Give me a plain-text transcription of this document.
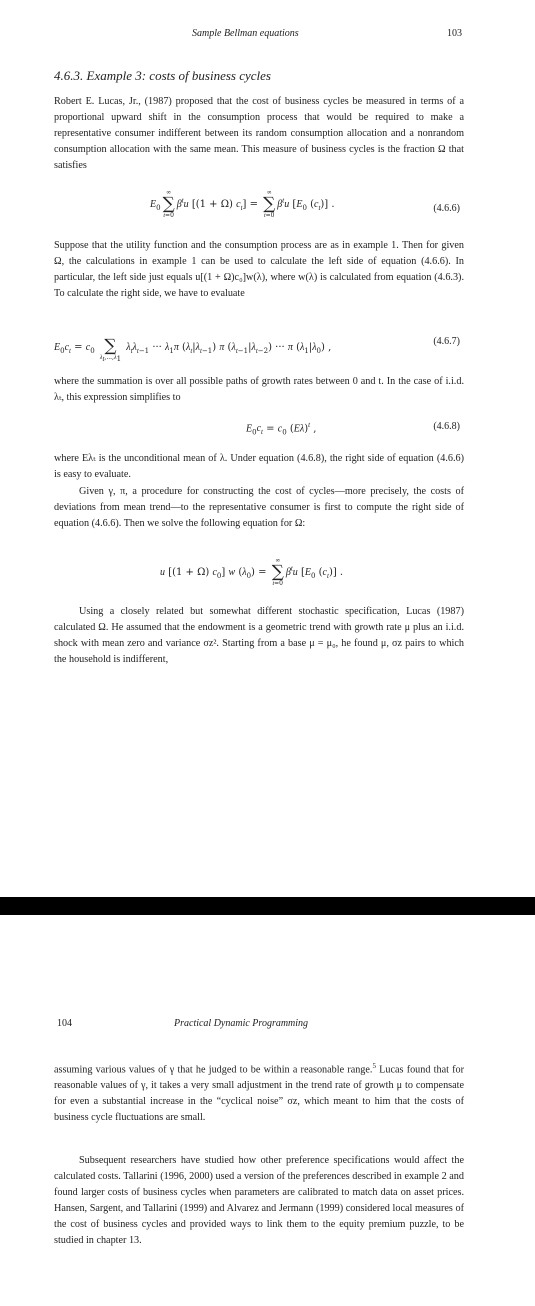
Sample Bellman equations	103
4.6.3. Example 3: costs of business cycles

Robert E. Lucas, Jr., (1987) proposed that the cost of business cycles be measured in terms of a proportional upward shift in the consumption process that would be required to make a representative consumer indifferent between its random consumption allocation and a nonrandom consumption allocation with the same mean. This measure of business cycles is the fraction Ω that satisfies

$E_0$
∞
∑
t=0
$\beta^tu$ [(1 + Ω) $c_t$] =
∞
∑
t=0
$\beta^tu$ [$E_0$ $(c_t)$] .	(4.6.6)

Suppose that the utility function and the consumption process are as in example 1. Then for given Ω, the calculations in example 1 can be used to calculate the left side of equation (4.6.6). In particular, the left side just equals u[(1 + Ω)c₀]w(λ), where w(λ) is calculated from equation (4.6.3). To calculate the right side, we have to evaluate

$E_0c_t = c_0$
∑
$\lambda_t,...,\lambda_1$
$\lambda_t\lambda_{t-1}$ ··· $\lambda_1\pi$ $(\lambda_t|\lambda_{t-1})$ π $(\lambda_{t-1}|\lambda_{t-2})$ ··· π $(\lambda_1|\lambda_0)$ ,
(4.6.7)

where the summation is over all possible paths of growth rates between 0 and t. In the case of i.i.d. λₜ, this expression simplifies to

$E_0c_t = c_0$ $(E\lambda)^t$ ,	(4.6.8)

where Eλₜ is the unconditional mean of λ. Under equation (4.6.8), the right side of equation (4.6.6) is easy to evaluate.

Given γ, π, a procedure for constructing the cost of cycles—more precisely, the costs of deviations from mean trend—to the representative consumer is first to compute the right side of equation (4.6.6). Then we solve the following equation for Ω:

u [(1 + Ω) $c_0$] w $(\lambda_0)$ =
∞
∑
t=0
$\beta^tu$ [$E_0$ $(c_t)$] .

Using a closely related but somewhat different stochastic specification, Lucas (1987) calculated Ω. He assumed that the endowment is a geometric trend with growth rate μ plus an i.i.d. shock with mean zero and variance σz². Starting from a base μ = μ₀, he found μ, σz pairs to which the household is indifferent,

104	Practical Dynamic Programming

assuming various values of γ that he judged to be within a reasonable range.$^5$ Lucas found that for reasonable values of γ, it takes a very small adjustment in the trend rate of growth μ to compensate for even a substantial increase in the “cyclical noise” σz, which meant to him that the costs of business cycle fluctuations are small.

Subsequent researchers have studied how other preference specifications would affect the calculated costs. Tallarini (1996, 2000) used a version of the preferences described in example 2 and found larger costs of business cycles when parameters are calibrated to match data on asset prices. Hansen, Sargent, and Tallarini (1999) and Alvarez and Jermann (1999) considered local measures of the cost of business cycles and provided ways to link them to the equity premium puzzle, to be studied in chapter 13.
